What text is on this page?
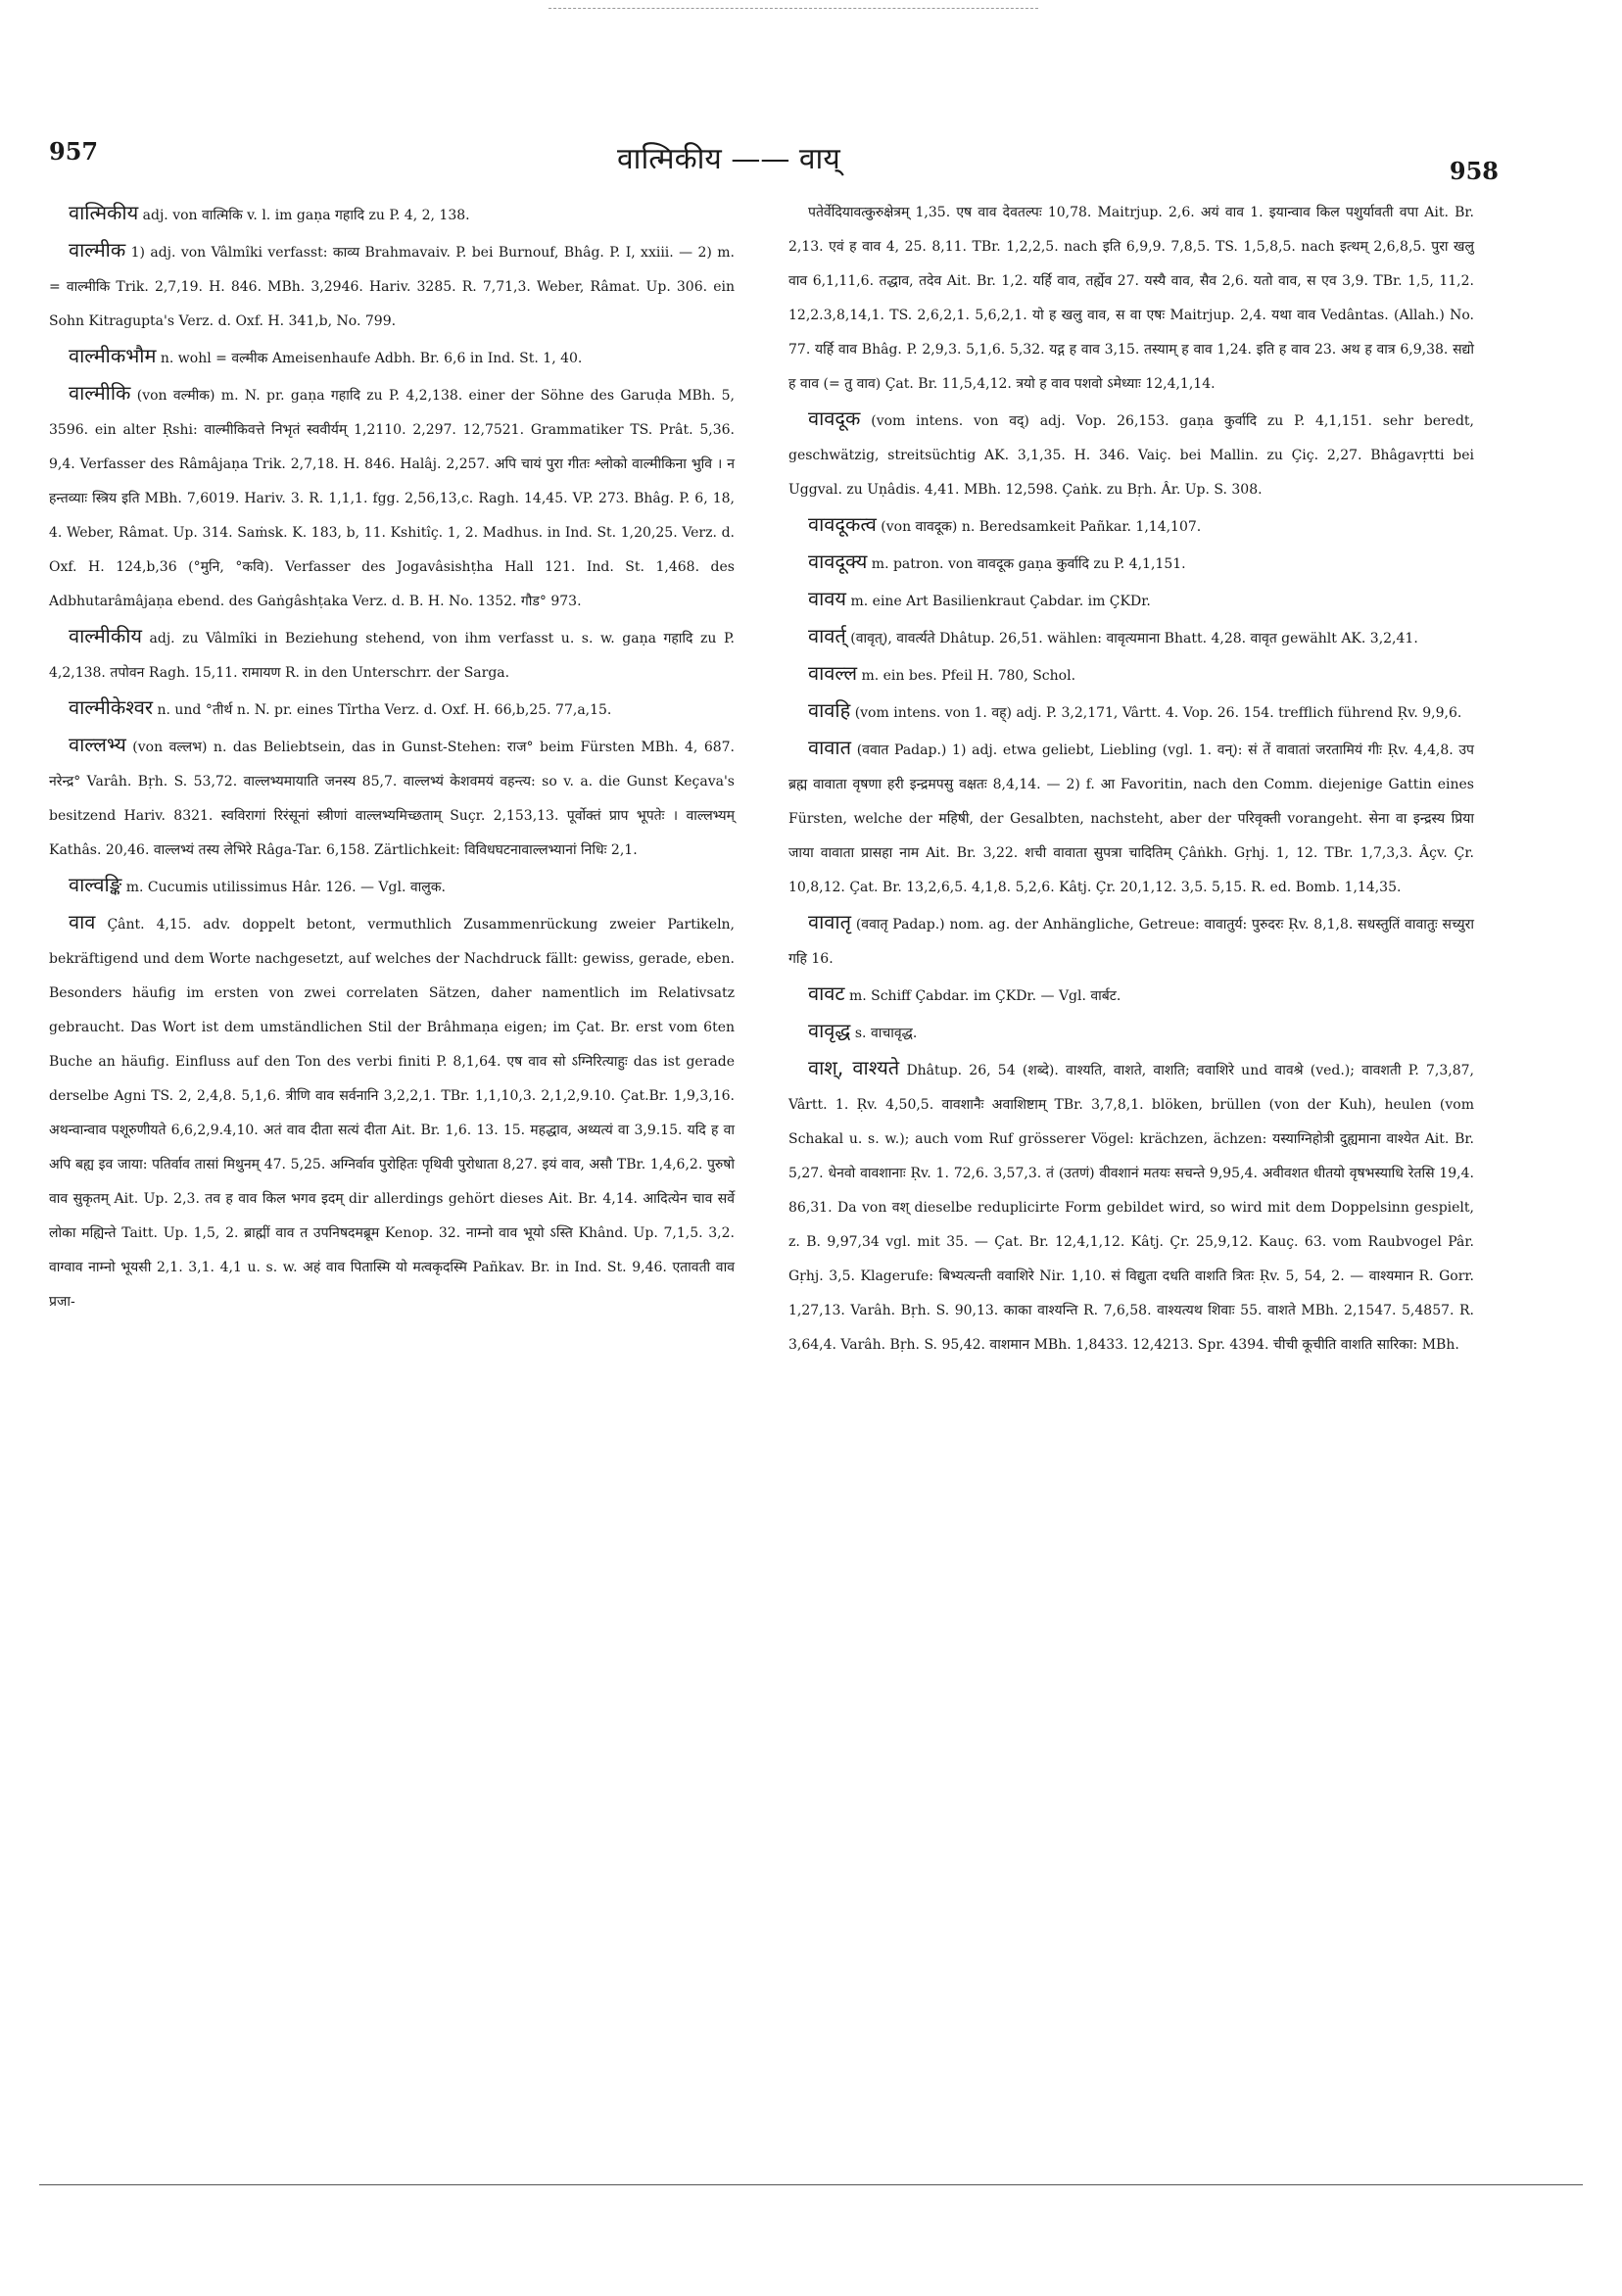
957	वात्मिकीय —— वाय्	958

वात्मिकीय adj. von वात्मिकि v. l. im gaṇa गहादि zu P. 4, 2, 138.

वाल्मीक 1) adj. von Vâlmîki verfasst: काव्य Brahmavaiv. P. bei Burnouf, Bhâg. P. I, xxiii. — 2) m. = वाल्मीकि Trik. 2,7,19. H. 846. MBh. 3,2946. Hariv. 3285. R. 7,71,3. Weber, Râmat. Up. 306. ein Sohn Kitragupta's Verz. d. Oxf. H. 341,b, No. 799.

वाल्मीकभौम n. wohl = वल्मीक Ameisenhaufe Adbh. Br. 6,6 in Ind. St. 1, 40.

वाल्मीकि (von वल्मीक) m. N. pr. gaṇa गहादि zu P. 4,2,138. einer der Söhne des Garuḍa MBh. 5, 3596. ein alter Ṛshi: वाल्मीकिवत्ते निभृतं स्ववीर्यम् 1,2110. 2,297. 12,7521. Grammatiker TS. Prât. 5,36. 9,4. Verfasser des Râmâjaṇa Trik. 2,7,18. H. 846. Halâj. 2,257. अपि चायं पुरा गीतः श्लोको वाल्मीकिना भुवि । न हन्तव्याः स्त्रिय इति MBh. 7,6019. Hariv. 3. R. 1,1,1. fgg. 2,56,13,c. Ragh. 14,45. VP. 273. Bhâg. P. 6, 18, 4. Weber, Râmat. Up. 314. Saṁsk. K. 183, b, 11. Kshitîç. 1, 2. Madhus. in Ind. St. 1,20,25. Verz. d. Oxf. H. 124,b,36 (°मुनि, °कवि). Verfasser des Jogavâsishṭha Hall 121. Ind. St. 1,468. des Adbhutarâmâjaṇa ebend. des Gaṅgâshṭaka Verz. d. B. H. No. 1352. गौड° 973.

वाल्मीकीय adj. zu Vâlmîki in Beziehung stehend, von ihm verfasst u. s. w. gaṇa गहादि zu P. 4,2,138. तपोवन Ragh. 15,11. रामायण R. in den Unterschrr. der Sarga.

वाल्मीकेश्वर n. und °तीर्थ n. N. pr. eines Tîrtha Verz. d. Oxf. H. 66,b,25. 77,a,15.

वाल्लभ्य (von वल्लभ) n. das Beliebtsein, das in Gunst-Stehen: राज° beim Fürsten MBh. 4, 687. नरेन्द्र° Varâh. Bṛh. S. 53,72. वाल्लभ्यमायाति जनस्य 85,7. वाल्लभ्यं केशवमयं वहन्त्य: so v. a. die Gunst Keçava's besitzend Hariv. 8321. स्वविरागां रिरंसूनां स्त्रीणां वाल्लभ्यमिच्छताम् Suçr. 2,153,13. पूर्वोक्तं प्राप भूपतेः । वाल्लभ्यम् Kathâs. 20,46. वाल्लभ्यं तस्य लेभिरे Râga-Tar. 6,158. Zärtlichkeit: विविधघटनावाल्लभ्यानां निधिः 2,1.

वाल्वङ्कि m. Cucumis utilissimus Hâr. 126. — Vgl. वालुक.

वाव Çânt. 4,15. adv. doppelt betont, vermuthlich Zusammenrückung zweier Partikeln, bekräftigend und dem Worte nachgesetzt, auf welches der Nachdruck fällt: gewiss, gerade, eben. Besonders häufig im ersten von zwei correlaten Sätzen, daher namentlich im Relativsatz gebraucht. Das Wort ist dem umständlichen Stil der Brâhmaṇa eigen; im Çat. Br. erst vom 6ten Buche an häufig. Einfluss auf den Ton des verbi finiti P. 8,1,64. एष वाव सो ऽग्निरित्याहुः das ist gerade derselbe Agni TS. 2, 2,4,8. 5,1,6. त्रीणि वाव सर्वनानि 3,2,2,1. TBr. 1,1,10,3. 2,1,2,9.10. Çat.Br. 1,9,3,16. अथन्वान्वाव पशूरुणीयते 6,6,2,9.4,10. अतं वाव दीता सत्यं दीता Ait. Br. 1,6. 13. 15. महद्धाव, अथ्यत्यं वा 3,9.15. यदि ह वा अपि बह्य इव जाया: पतिर्वाव तासां मिथुनम् 47. 5,25. अग्निर्वाव पुरोहितः पृथिवी पुरोधाता 8,27. इयं वाव, असौ TBr. 1,4,6,2. पुरुषो वाव सुकृतम् Ait. Up. 2,3. तव ह वाव किल भगव इदम् dir allerdings gehört dieses Ait. Br. 4,14. आदित्येन चाव सर्वे लोका मह्यिन्ते Taitt. Up. 1,5, 2. ब्राह्मीं वाव त उपनिषदमब्रूम Kenop. 32. नाम्नो वाव भूयो ऽस्ति Khând. Up. 7,1,5. 3,2. वाग्वाव नाम्नो भूयसी 2,1. 3,1. 4,1 u. s. w. अहं वाव पितास्मि यो मत्वकृदस्मि Pañkav. Br. in Ind. St. 9,46. एतावती वाव प्रजा-

पतेर्वेदियावत्कुरुक्षेत्रम् 1,35. एष वाव देवतल्पः 10,78. Maitrjup. 2,6. अयं वाव 1. इयान्वाव किल पशुर्यावती वपा Ait. Br. 2,13. एवं ह वाव 4, 25. 8,11. TBr. 1,2,2,5. nach इति 6,9,9. 7,8,5. TS. 1,5,8,5. nach इत्थम् 2,6,8,5. पुरा खलु वाव 6,1,11,6. तद्धाव, तदेव Ait. Br. 1,2. यर्हि वाव, तर्ह्येव 27. यस्यै वाव, सैव 2,6. यतो वाव, स एव 3,9. TBr. 1,5, 11,2. 12,2.3,8,14,1. TS. 2,6,2,1. 5,6,2,1. यो ह खलु वाव, स वा एषः Maitrjup. 2,4. यथा वाव Vedântas. (Allah.) No. 77. यर्हि वाव Bhâg. P. 2,9,3. 5,1,6. 5,32. यद्ग ह वाव 3,15. तस्याम् ह वाव 1,24. इति ह वाव 23. अथ ह वात्र 6,9,38. सद्यो ह वाव (= तु वाव) Çat. Br. 11,5,4,12. त्रयो ह वाव पशवो ऽमेध्याः 12,4,1,14.

वावदूक (vom intens. von वद्) adj. Vop. 26,153. gaṇa कुर्वादि zu P. 4,1,151. sehr beredt, geschwätzig, streitsüchtig AK. 3,1,35. H. 346. Vaiç. bei Mallin. zu Çiç. 2,27. Bhâgavṛtti bei Uggval. zu Uṇâdis. 4,41. MBh. 12,598. Çaṅk. zu Bṛh. Âr. Up. S. 308.

वावदूकत्व (von वावदूक) n. Beredsamkeit Pañkar. 1,14,107.

वावदूक्य m. patron. von वावदूक gaṇa कुर्वादि zu P. 4,1,151.

वावय m. eine Art Basilienkraut Çabdar. im ÇKDr.

वावर्त् (वावृत्), वावर्त्यते Dhâtup. 26,51. wählen: वावृत्यमाना Bhatt. 4,28. वावृत gewählt AK. 3,2,41.

वावल्ल m. ein bes. Pfeil H. 780, Schol.

वावहि (vom intens. von 1. वह्) adj. P. 3,2,171, Vârtt. 4. Vop. 26. 154. trefflich führend Ṛv. 9,9,6.

वावात (ववात Padap.) 1) adj. etwa geliebt, Liebling (vgl. 1. वन्): सं तें वावातां जरतामियं गीः Ṛv. 4,4,8. उप ब्रह्म वावाता वृषणा हरी इन्द्रमपसु वक्षतः 8,4,14. — 2) f. आ Favoritin, nach den Comm. diejenige Gattin eines Fürsten, welche der महिषी, der Gesalbten, nachsteht, aber der परिवृक्ती vorangeht. सेना वा इन्द्रस्य प्रिया जाया वावाता प्रासहा नाम Ait. Br. 3,22. शची वावाता सुपत्रा चादितिम् Çâṅkh. Gṛhj. 1, 12. TBr. 1,7,3,3. Âçv. Çr. 10,8,12. Çat. Br. 13,2,6,5. 4,1,8. 5,2,6. Kâtj. Çr. 20,1,12. 3,5. 5,15. R. ed. Bomb. 1,14,35.

वावातृ (ववातृ Padap.) nom. ag. der Anhängliche, Getreue: वावातुर्य: पुरुदरः Ṛv. 8,1,8. सधस्तुतिं वावातुः सच्युरा गहि 16.

वावट m. Schiff Çabdar. im ÇKDr. — Vgl. वार्बट.

वावृद्ध s. वाचावृद्ध.

वाश्, वाश्यते Dhâtup. 26, 54 (शब्दे). वाश्यति, वाशते, वाशति; ववाशिरे und वावश्रे (ved.); वावशती P. 7,3,87, Vârtt. 1. Ṛv. 4,50,5. वावशानैः अवाशिष्टाम् TBr. 3,7,8,1. blöken, brüllen (von der Kuh), heulen (vom Schakal u. s. w.); auch vom Ruf grösserer Vögel: krächzen, ächzen: यस्याग्निहोत्री दुह्यमाना वाश्येत Ait. Br. 5,27. धेनवो वावशानाः Ṛv. 1. 72,6. 3,57,3. तं (उतणं) वीवशानं मतयः सचन्ते 9,95,4. अवीवशत धीतयो वृषभस्याधि रेतसि 19,4. 86,31. Da von वश् dieselbe reduplicirte Form gebildet wird, so wird mit dem Doppelsinn gespielt, z. B. 9,97,34 vgl. mit 35. — Çat. Br. 12,4,1,12. Kâtj. Çr. 25,9,12. Kauç. 63. vom Raubvogel Pâr. Gṛhj. 3,5. Klagerufe: बिभ्यत्यन्ती ववाशिरे Nir. 1,10. सं विद्युता दधति वाशति त्रितः Ṛv. 5, 54, 2. — वाश्यमान R. Gorr. 1,27,13. Varâh. Bṛh. S. 90,13. काका वाश्यन्ति R. 7,6,58. वाश्यत्यथ शिवाः 55. वाशते MBh. 2,1547. 5,4857. R. 3,64,4. Varâh. Bṛh. S. 95,42. वाशमान MBh. 1,8433. 12,4213. Spr. 4394. चीची कूचीति वाशति सारिका: MBh.
